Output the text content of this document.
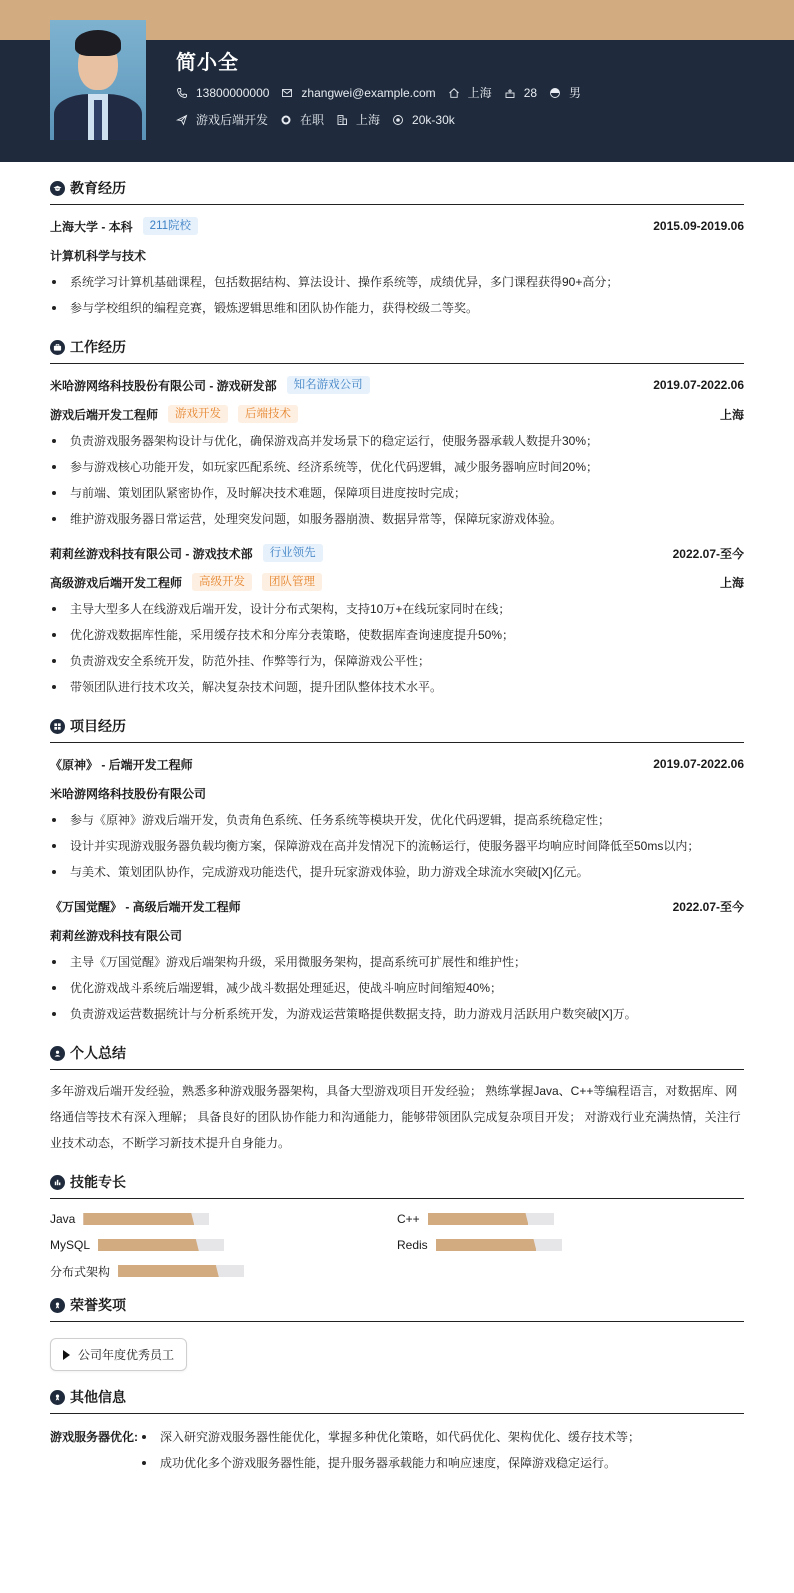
简小全
13800000000	zhangwei@example.com	上海	28	男
游戏后端开发	在职	上海	20k-30k
教育经历
上海大学 - 本科	211院校	2015.09-2019.06
计算机科学与技术
系统学习计算机基础课程，包括数据结构、算法设计、操作系统等，成绩优异，多门课程获得90+高分；
参与学校组织的编程竞赛，锻炼逻辑思维和团队协作能力，获得校级二等奖。
工作经历
米哈游网络科技股份有限公司 - 游戏研发部	知名游戏公司	2019.07-2022.06
游戏后端开发工程师	游戏开发	后端技术	上海
负责游戏服务器架构设计与优化，确保游戏高并发场景下的稳定运行，使服务器承载人数提升30%；
参与游戏核心功能开发，如玩家匹配系统、经济系统等，优化代码逻辑，减少服务器响应时间20%；
与前端、策划团队紧密协作，及时解决技术难题，保障项目进度按时完成；
维护游戏服务器日常运营，处理突发问题，如服务器崩溃、数据异常等，保障玩家游戏体验。
莉莉丝游戏科技有限公司 - 游戏技术部	行业领先	2022.07-至今
高级游戏后端开发工程师	高级开发	团队管理	上海
主导大型多人在线游戏后端开发，设计分布式架构，支持10万+在线玩家同时在线；
优化游戏数据库性能，采用缓存技术和分库分表策略，使数据库查询速度提升50%；
负责游戏安全系统开发，防范外挂、作弊等行为，保障游戏公平性；
带领团队进行技术攻关，解决复杂技术问题，提升团队整体技术水平。
项目经历
《原神》 - 后端开发工程师	2019.07-2022.06
米哈游网络科技股份有限公司
参与《原神》游戏后端开发，负责角色系统、任务系统等模块开发，优化代码逻辑，提高系统稳定性；
设计并实现游戏服务器负载均衡方案，保障游戏在高并发情况下的流畅运行，使服务器平均响应时间降低至50ms以内；
与美术、策划团队协作，完成游戏功能迭代，提升玩家游戏体验，助力游戏全球流水突破[X]亿元。
《万国觉醒》 - 高级后端开发工程师	2022.07-至今
莉莉丝游戏科技有限公司
主导《万国觉醒》游戏后端架构升级，采用微服务架构，提高系统可扩展性和维护性；
优化游戏战斗系统后端逻辑，减少战斗数据处理延迟，使战斗响应时间缩短40%；
负责游戏运营数据统计与分析系统开发，为游戏运营策略提供数据支持，助力游戏月活跃用户数突破[X]万。
个人总结
多年游戏后端开发经验，熟悉多种游戏服务器架构，具备大型游戏项目开发经验； 熟练掌握Java、C++等编程语言，对数据库、网络通信等技术有深入理解； 具备良好的团队协作能力和沟通能力，能够带领团队完成复杂项目开发； 对游戏行业充满热情，关注行业技术动态，不断学习新技术提升自身能力。
技能专长
Java	C++
MySQL	Redis
分布式架构
荣誉奖项
公司年度优秀员工
其他信息
游戏服务器优化:	深入研究游戏服务器性能优化，掌握多种优化策略，如代码优化、架构优化、缓存技术等；
成功优化多个游戏服务器性能，提升服务器承载能力和响应速度，保障游戏稳定运行。
